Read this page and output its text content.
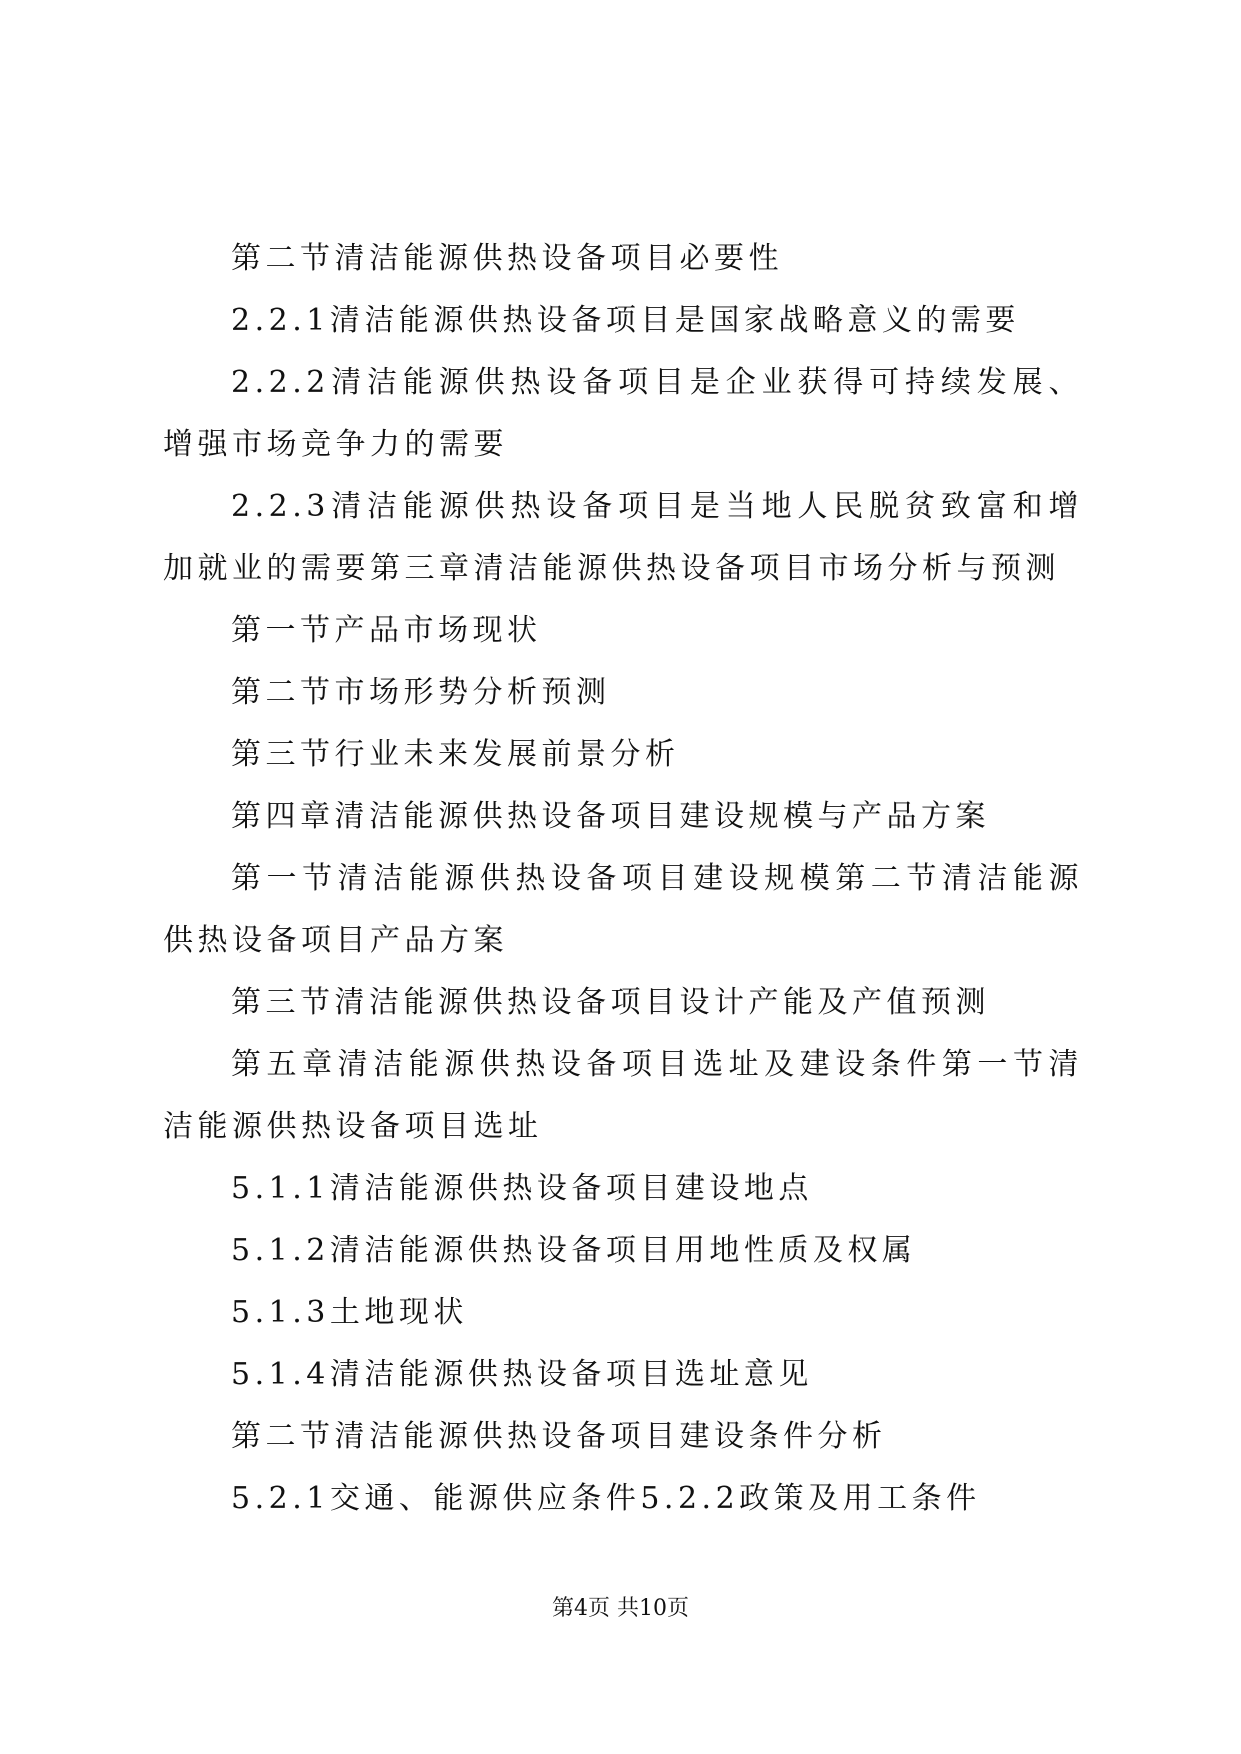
第二节清洁能源供热设备项目必要性

2.2.1清洁能源供热设备项目是国家战略意义的需要

2.2.2清洁能源供热设备项目是企业获得可持续发展、增强市场竞争力的需要

2.2.3清洁能源供热设备项目是当地人民脱贫致富和增加就业的需要第三章清洁能源供热设备项目市场分析与预测

第一节产品市场现状

第二节市场形势分析预测

第三节行业未来发展前景分析

第四章清洁能源供热设备项目建设规模与产品方案

第一节清洁能源供热设备项目建设规模第二节清洁能源供热设备项目产品方案

第三节清洁能源供热设备项目设计产能及产值预测

第五章清洁能源供热设备项目选址及建设条件第一节清洁能源供热设备项目选址

5.1.1清洁能源供热设备项目建设地点

5.1.2清洁能源供热设备项目用地性质及权属

5.1.3土地现状

5.1.4清洁能源供热设备项目选址意见

第二节清洁能源供热设备项目建设条件分析

5.2.1交通、能源供应条件5.2.2政策及用工条件

第4页 共10页
